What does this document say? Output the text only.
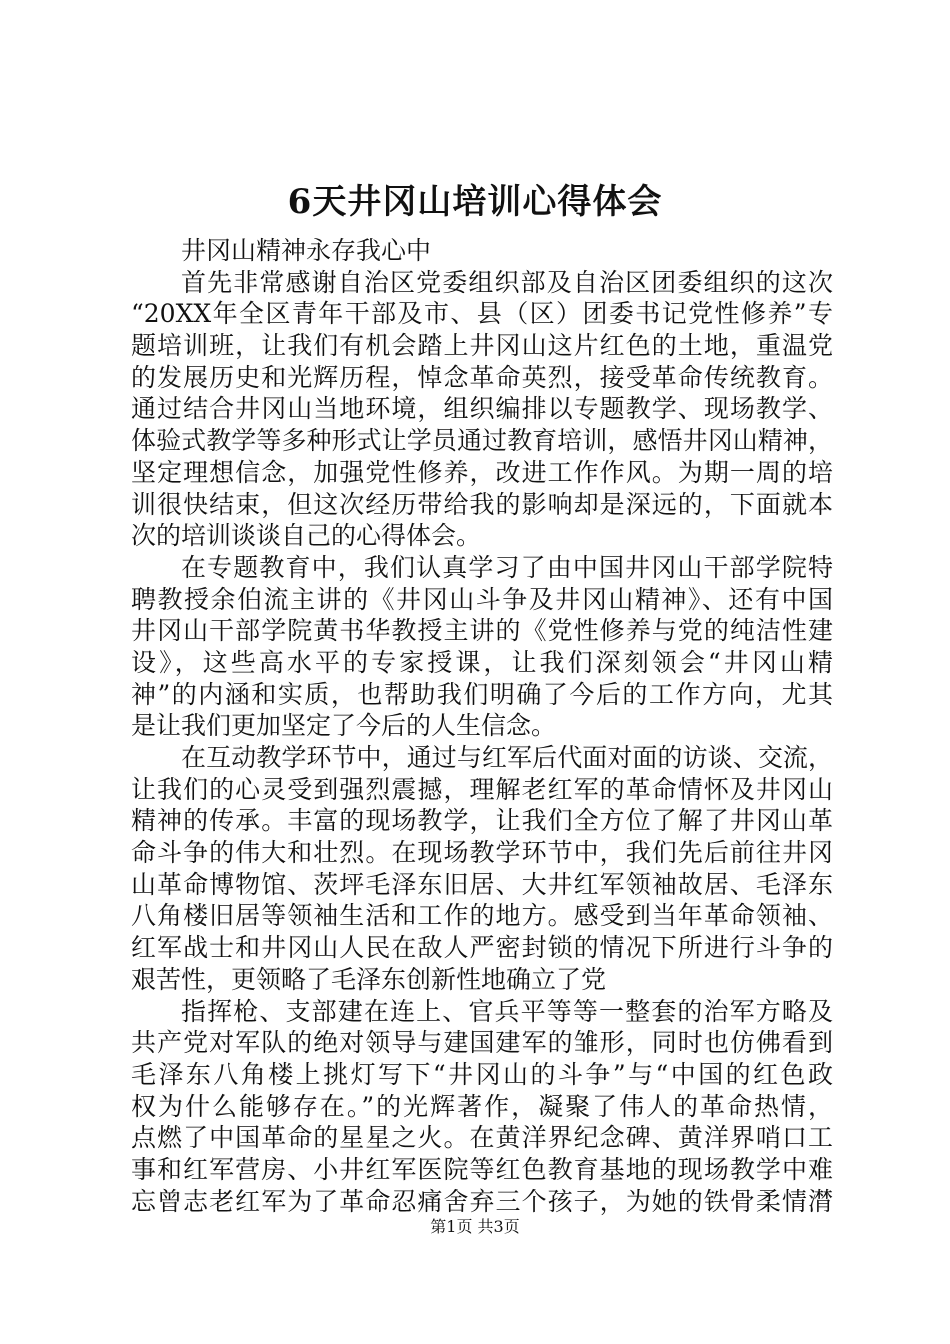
6天井冈山培训心得体会
井冈山精神永存我心中
首先非常感谢自治区党委组织部及自治区团委组织的这次
“20XX年全区青年干部及市、县（区）团委书记党性修养”专
题培训班，让我们有机会踏上井冈山这片红色的土地，重温党
的发展历史和光辉历程，悼念革命英烈，接受革命传统教育。
通过结合井冈山当地环境，组织编排以专题教学、现场教学、
体验式教学等多种形式让学员通过教育培训，感悟井冈山精神，
坚定理想信念，加强党性修养，改进工作作风。为期一周的培
训很快结束，但这次经历带给我的影响却是深远的，下面就本
次的培训谈谈自己的心得体会。
在专题教育中，我们认真学习了由中国井冈山干部学院特
聘教授余伯流主讲的《井冈山斗争及井冈山精神》、还有中国
井冈山干部学院黄书华教授主讲的《党性修养与党的纯洁性建
设》，这些高水平的专家授课，让我们深刻领会“井冈山精
神”的内涵和实质，也帮助我们明确了今后的工作方向，尤其
是让我们更加坚定了今后的人生信念。
在互动教学环节中，通过与红军后代面对面的访谈、交流，
让我们的心灵受到强烈震撼，理解老红军的革命情怀及井冈山
精神的传承。丰富的现场教学，让我们全方位了解了井冈山革
命斗争的伟大和壮烈。在现场教学环节中，我们先后前往井冈
山革命博物馆、茨坪毛泽东旧居、大井红军领袖故居、毛泽东
八角楼旧居等领袖生活和工作的地方。感受到当年革命领袖、
红军战士和井冈山人民在敌人严密封锁的情况下所进行斗争的
艰苦性，更领略了毛泽东创新性地确立了党
指挥枪、支部建在连上、官兵平等等一整套的治军方略及
共产党对军队的绝对领导与建国建军的雏形，同时也仿佛看到
毛泽东八角楼上挑灯写下“井冈山的斗争”与“中国的红色政
权为什么能够存在。”的光辉著作，凝聚了伟人的革命热情，
点燃了中国革命的星星之火。在黄洋界纪念碑、黄洋界哨口工
事和红军营房、小井红军医院等红色教育基地的现场教学中难
忘曾志老红军为了革命忍痛舍弃三个孩子，为她的铁骨柔情潸
第1页 共3页
